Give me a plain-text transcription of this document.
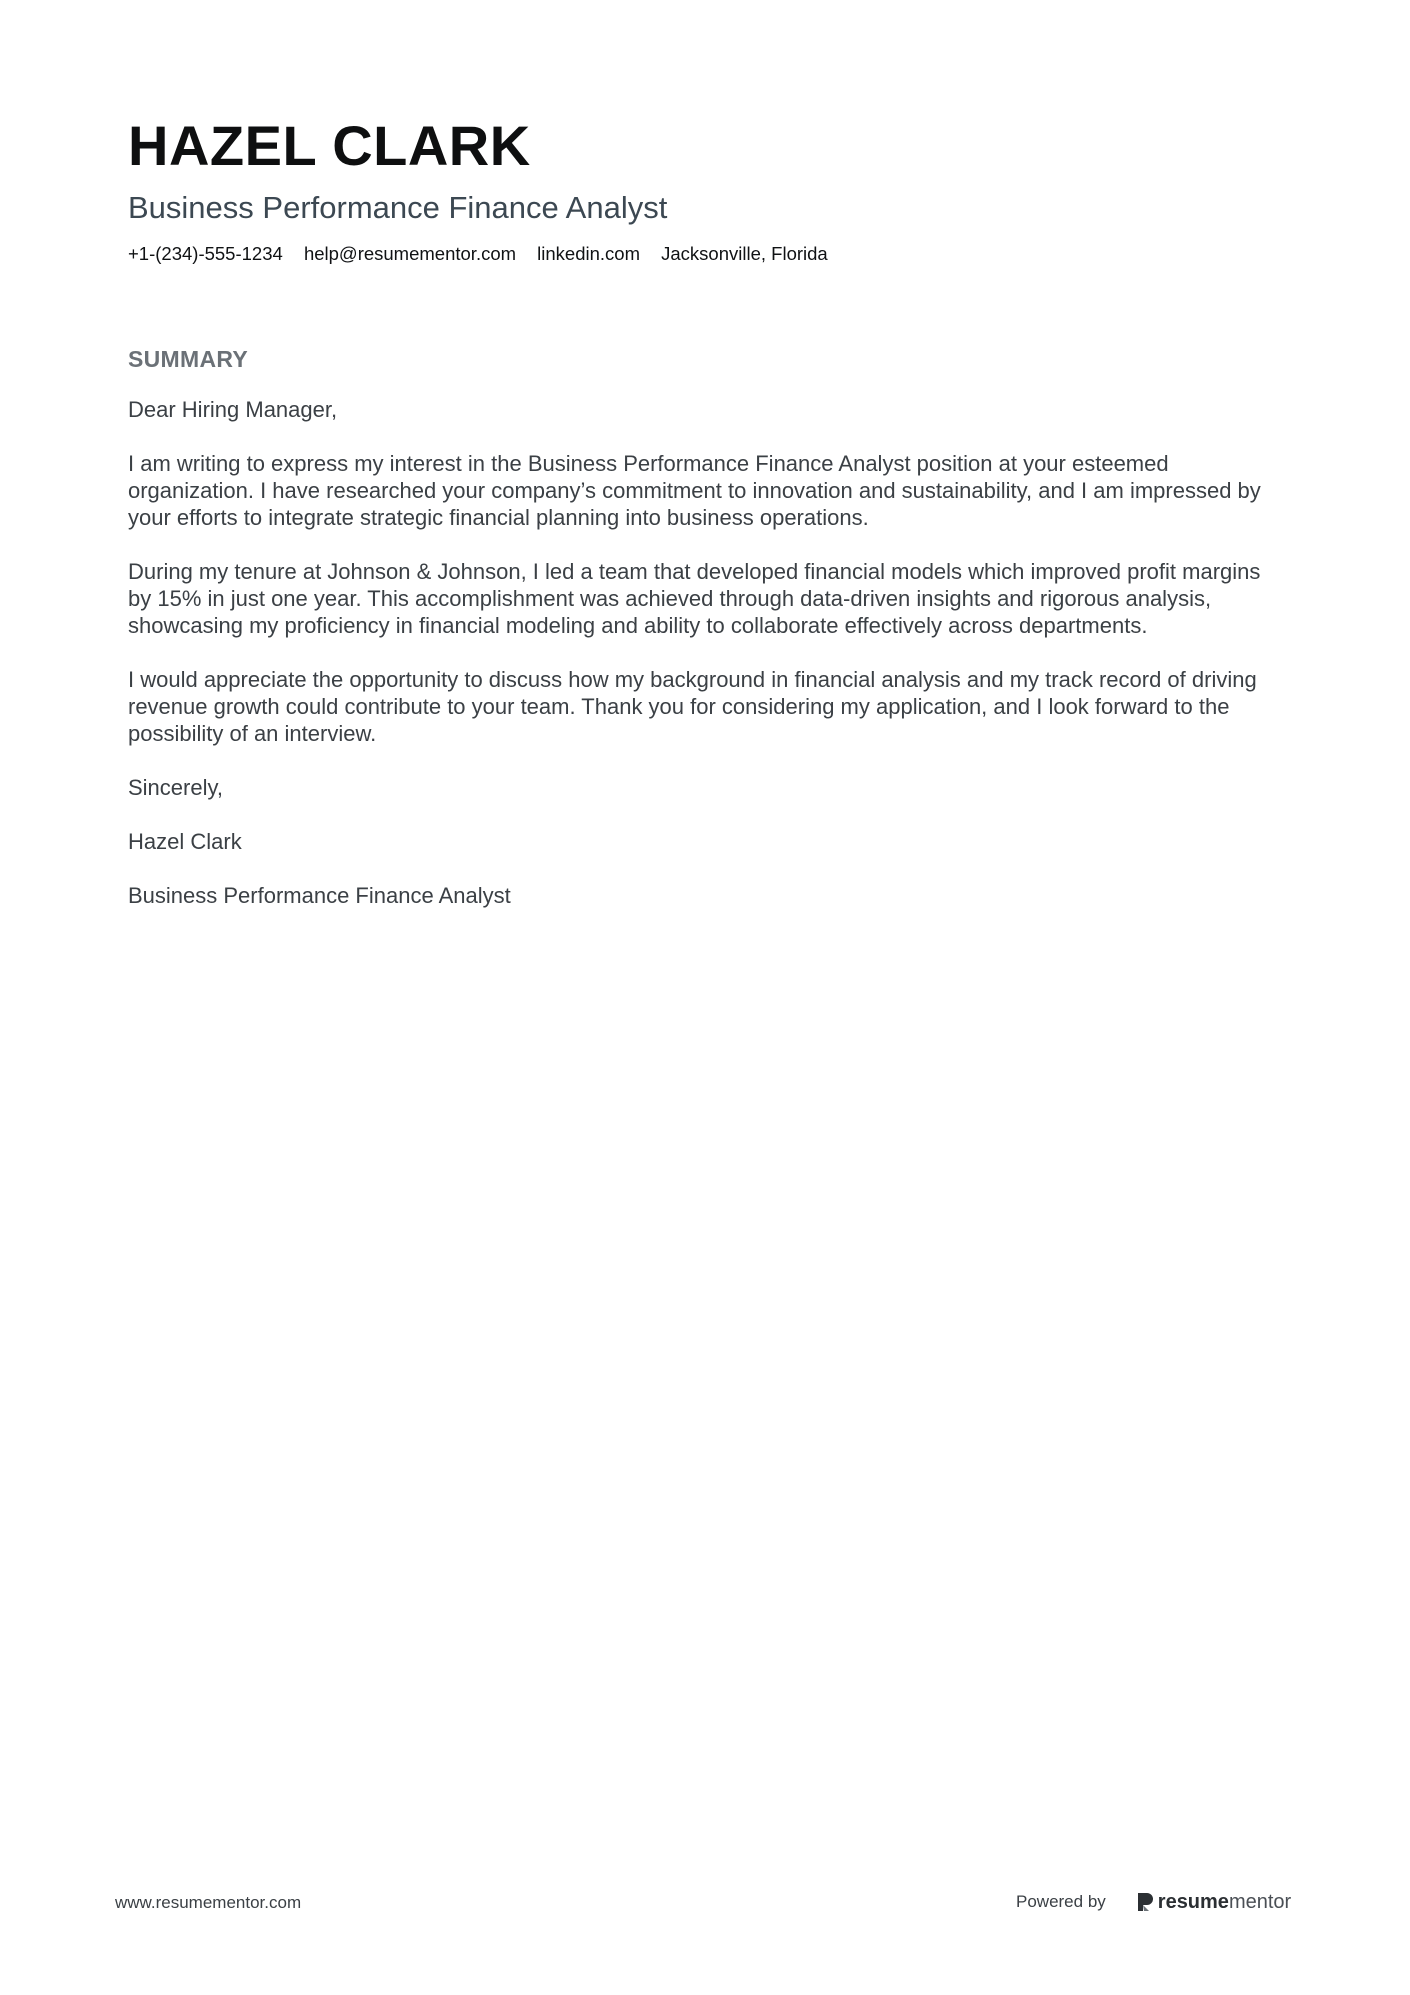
HAZEL CLARK
Business Performance Finance Analyst
+1-(234)-555-1234 help@resumementor.com linkedin.com Jacksonville, Florida
SUMMARY

Dear Hiring Manager,

I am writing to express my interest in the Business Performance Finance Analyst position at your esteemed organization. I have researched your company’s commitment to innovation and sustainability, and I am impressed by your efforts to integrate strategic financial planning into business operations.

During my tenure at Johnson & Johnson, I led a team that developed financial models which improved profit margins by 15% in just one year. This accomplishment was achieved through data-driven insights and rigorous analysis, showcasing my proficiency in financial modeling and ability to collaborate effectively across departments.

I would appreciate the opportunity to discuss how my background in financial analysis and my track record of driving revenue growth could contribute to your team. Thank you for considering my application, and I look forward to the possibility of an interview.

Sincerely,

Hazel Clark

Business Performance Finance Analyst

www.resumementor.com	Powered by	resume mentor
